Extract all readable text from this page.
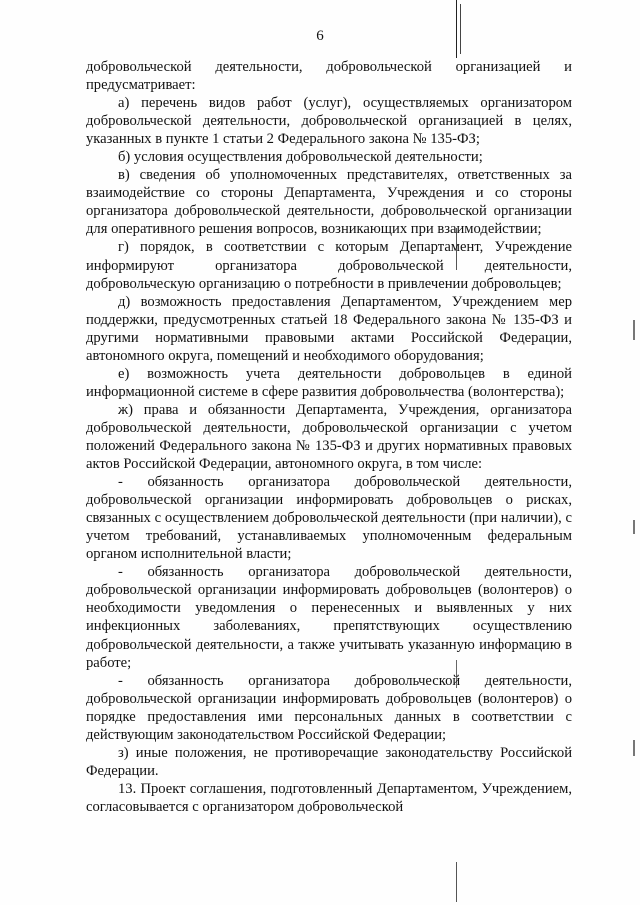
6

добровольческой деятельности, добровольческой организацией и предусматривает:

а) перечень видов работ (услуг), осуществляемых организатором добровольческой деятельности, добровольческой организацией в целях, указанных в пункте 1 статьи 2 Федерального закона № 135-ФЗ;

б) условия осуществления добровольческой деятельности;

в) сведения об уполномоченных представителях, ответственных за взаимодействие со стороны Департамента, Учреждения и со стороны организатора добровольческой деятельности, добровольческой организации для оперативного решения вопросов, возникающих при взаимодействии;

г) порядок, в соответствии с которым Департамент, Учреждение информируют организатора добровольческой деятельности, добровольческую организацию о потребности в привлечении добровольцев;

д) возможность предоставления Департаментом, Учреждением мер поддержки, предусмотренных статьей 18 Федерального закона № 135-ФЗ и другими нормативными правовыми актами Российской Федерации, автономного округа, помещений и необходимого оборудования;

е) возможность учета деятельности добровольцев в единой информационной системе в сфере развития добровольчества (волонтерства);

ж) права и обязанности Департамента, Учреждения, организатора добровольческой деятельности, добровольческой организации с учетом положений Федерального закона № 135-ФЗ и других нормативных правовых актов Российской Федерации, автономного округа, в том числе:

- обязанность организатора добровольческой деятельности, добровольческой организации информировать добровольцев о рисках, связанных с осуществлением добровольческой деятельности (при наличии), с учетом требований, устанавливаемых уполномоченным федеральным органом исполнительной власти;

- обязанность организатора добровольческой деятельности, добровольческой организации информировать добровольцев (волонтеров) о необходимости уведомления о перенесенных и выявленных у них инфекционных заболеваниях, препятствующих осуществлению добровольческой деятельности, а также учитывать указанную информацию в работе;

- обязанность организатора добровольческой деятельности, добровольческой организации информировать добровольцев (волонтеров) о порядке предоставления ими персональных данных в соответствии с действующим законодательством Российской Федерации;

з) иные положения, не противоречащие законодательству Российской Федерации.

13. Проект соглашения, подготовленный Департаментом, Учреждением, согласовывается с организатором добровольческой
